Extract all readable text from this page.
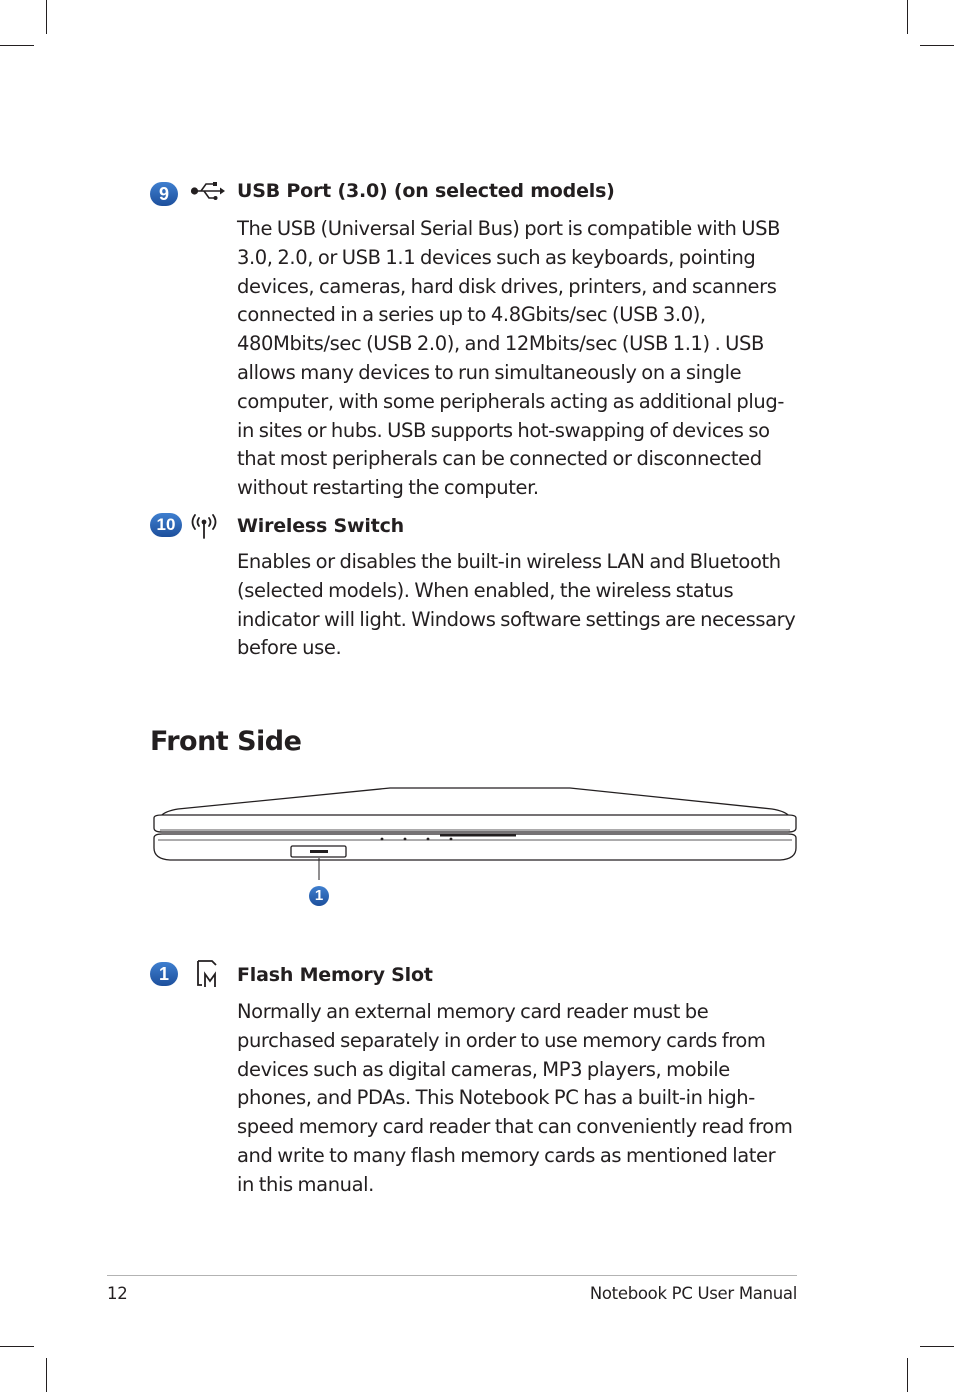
9	USB Port (3.0) (on selected models)
The USB (Universal Serial Bus) port is compatible with USB
3.0, 2.0, or USB 1.1 devices such as keyboards, pointing
devices, cameras, hard disk drives, printers, and scanners
connected in a series up to 4.8Gbits/sec (USB 3.0),
480Mbits/sec (USB 2.0), and 12Mbits/sec (USB 1.1) . USB
allows many devices to run simultaneously on a single
computer, with some peripherals acting as additional plug-
in sites or hubs. USB supports hot-swapping of devices so
that most peripherals can be connected or disconnected
without restarting the computer.
10	Wireless Switch
Enables or disables the built-in wireless LAN and Bluetooth
(selected models). When enabled, the wireless status
indicator will light. Windows software settings are necessary
before use.
Front Side
1
1	Flash Memory Slot
Normally an external memory card reader must be
purchased separately in order to use memory cards from
devices such as digital cameras, MP3 players, mobile
phones, and PDAs. This Notebook PC has a built-in high-
speed memory card reader that can conveniently read from
and write to many flash memory cards as mentioned later
in this manual.
12	Notebook PC User Manual
